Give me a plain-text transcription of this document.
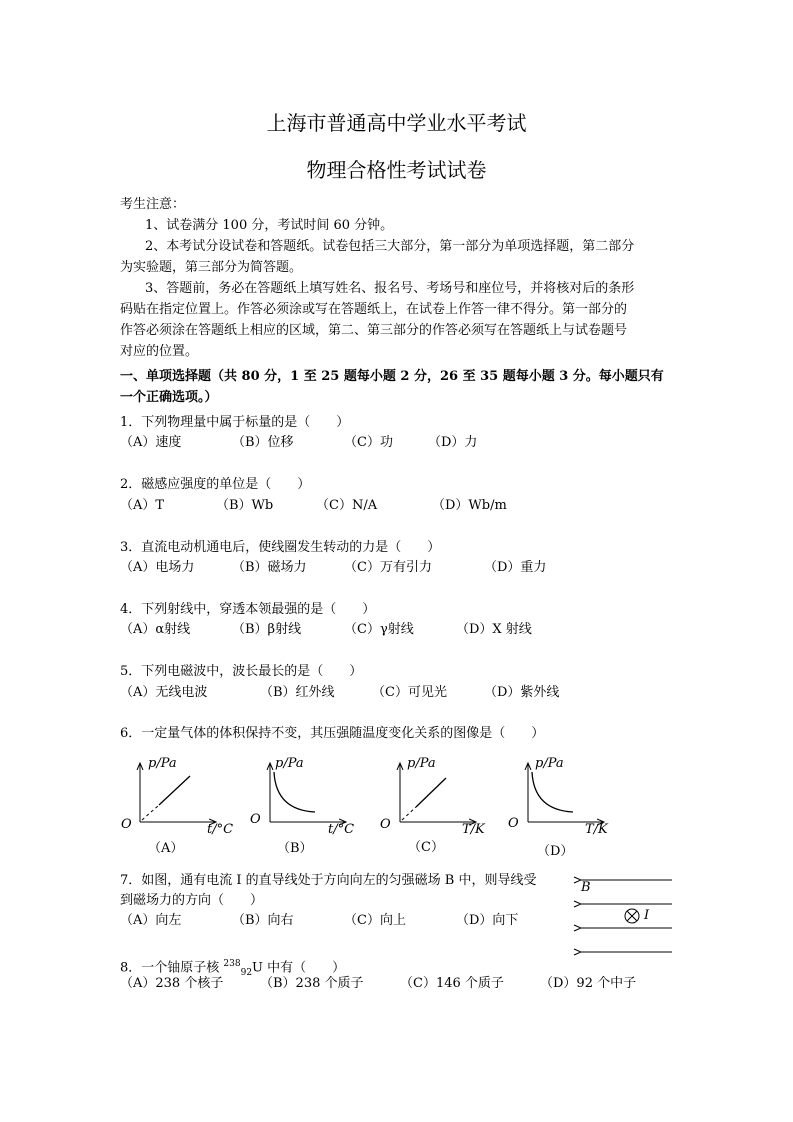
上海市普通高中学业水平考试
物理合格性考试试卷
考生注意：
1、试卷满分 100 分，考试时间 60 分钟。
2、本考试分设试卷和答题纸。试卷包括三大部分，第一部分为单项选择题，第二部分
为实验题，第三部分为简答题。
3、答题前，务必在答题纸上填写姓名、报名号、考场号和座位号，并将核对后的条形
码贴在指定位置上。作答必须涂或写在答题纸上，在试卷上作答一律不得分。第一部分的
作答必须涂在答题纸上相应的区域，第二、第三部分的作答必须写在答题纸上与试卷题号
对应的位置。
一、单项选择题（共 80 分，1 至 25 题每小题 2 分，26 至 35 题每小题 3 分。每小题只有
一个正确选项。）
1．下列物理量中属于标量的是（　　）
（A）速度	（B）位移	（C）功	（D）力
2．磁感应强度的单位是（　　）
（A）T	（B）Wb	（C）N/A	（D）Wb/m
3．直流电动机通电后，使线圈发生转动的力是（　　）
（A）电场力	（B）磁场力	（C）万有引力	（D）重力
4．下列射线中，穿透本领最强的是（　　）
（A）α射线	（B）β射线	（C）γ射线	（D）X 射线
5．下列电磁波中，波长最长的是（　　）
（A）无线电波	（B）红外线	（C）可见光	（D）紫外线
6．一定量气体的体积保持不变，其压强随温度变化关系的图像是（　　）
p/Pa
O	t/°C
（A）
p/Pa
O
t/°C
（B）
p/Pa
O	T/K
（C）
p/Pa
O	T/K
（D）
7．如图，通有电流 I 的直导线处于方向向左的匀强磁场 B 中，则导线受
到磁场力的方向（　　）
（A）向左	（B）向右	（C）向上	（D）向下
B
I
8．一个铀原子核 $^{238}_{92}$U 中有（　　）
（A）238 个核子	（B）238 个质子	（C）146 个质子	（D）92 个中子
